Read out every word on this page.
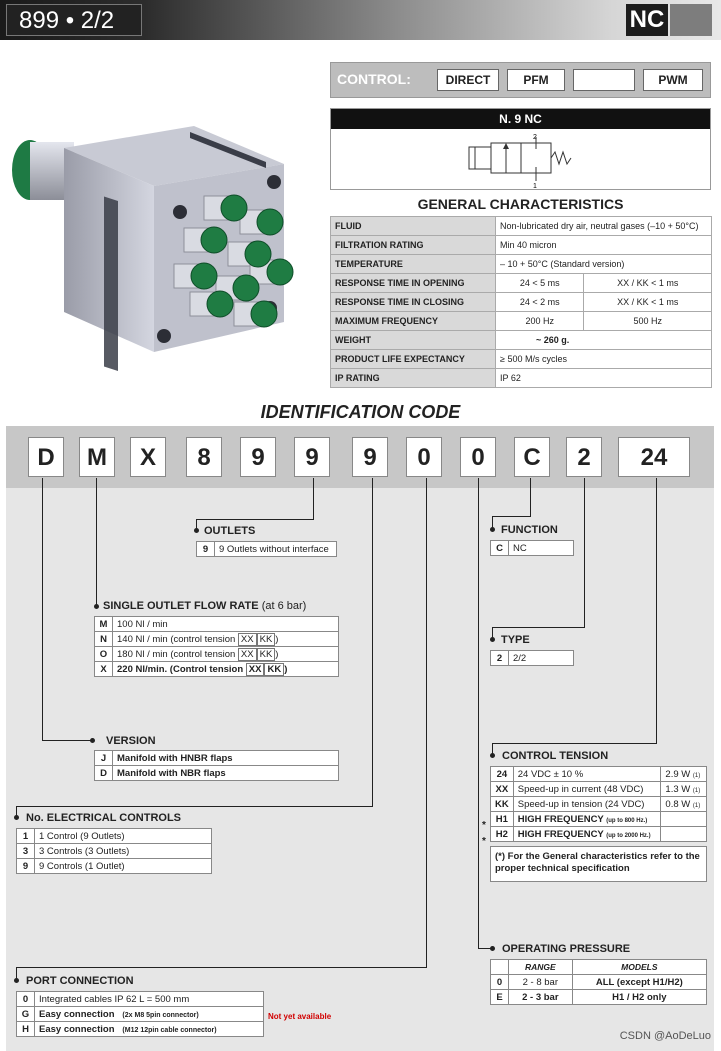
899 • 2/2	NC
CONTROL:	DIRECT	PFM	PWM
N. 9 NC
2
1
GENERAL CHARACTERISTICS
FLUID	Non-lubricated dry air, neutral gases (–10 + 50°C)	
FILTRATION RATING	Min 40 micron	
TEMPERATURE	– 10 + 50°C (Standard version)	
RESPONSE TIME IN OPENING	24 < 5 ms	XX / KK < 1 ms
RESPONSE TIME IN CLOSING	24 < 2 ms	XX / KK < 1 ms
MAXIMUM FREQUENCY	200 Hz	500 Hz
WEIGHT	~ 260 g.	
PRODUCT LIFE EXPECTANCY	≥ 500 M/s cycles	
IP RATING	IP 62	
IDENTIFICATION CODE
D	M	X	8	9	9	9	0	0	C	2	24
OUTLETS
9	9 Outlets without interface
SINGLE OUTLET FLOW RATE (at 6 bar)
M	100 Nl / min
N	140 Nl / min (control tension XX KK )
O	180 Nl / min (control tension XX KK )
X	220 Nl/min. (Control tension XX KK )
VERSION
J	Manifold with HNBR flaps
D	Manifold with NBR flaps
No. ELECTRICAL CONTROLS
1	1 Control (9 Outlets)
3	3 Controls (3 Outlets)
9	9 Controls (1 Outlet)
PORT CONNECTION
0	Integrated cables IP 62 L = 500 mm
G	Easy connection (2x M8 5pin connector)
H	Easy connection (M12 12pin cable connector)
Not yet available
FUNCTION
C	NC
TYPE
2	2/2
CONTROL TENSION
24	24 VDC ± 10 %	2.9 W (1)
XX	Speed-up in current (48 VDC)	1.3 W (1)
KK	Speed-up in tension (24 VDC)	0.8 W (1)
H1	HIGH FREQUENCY (up to 800 Hz.)	
H2	HIGH FREQUENCY (up to 2000 Hz.)	
*
*
(*) For the General characteristics refer to the proper technical specification
OPERATING PRESSURE
	RANGE	MODELS
0	2 - 8 bar	ALL (except H1/H2)
E	2 - 3 bar	H1 / H2 only
CSDN @AoDeLuo
